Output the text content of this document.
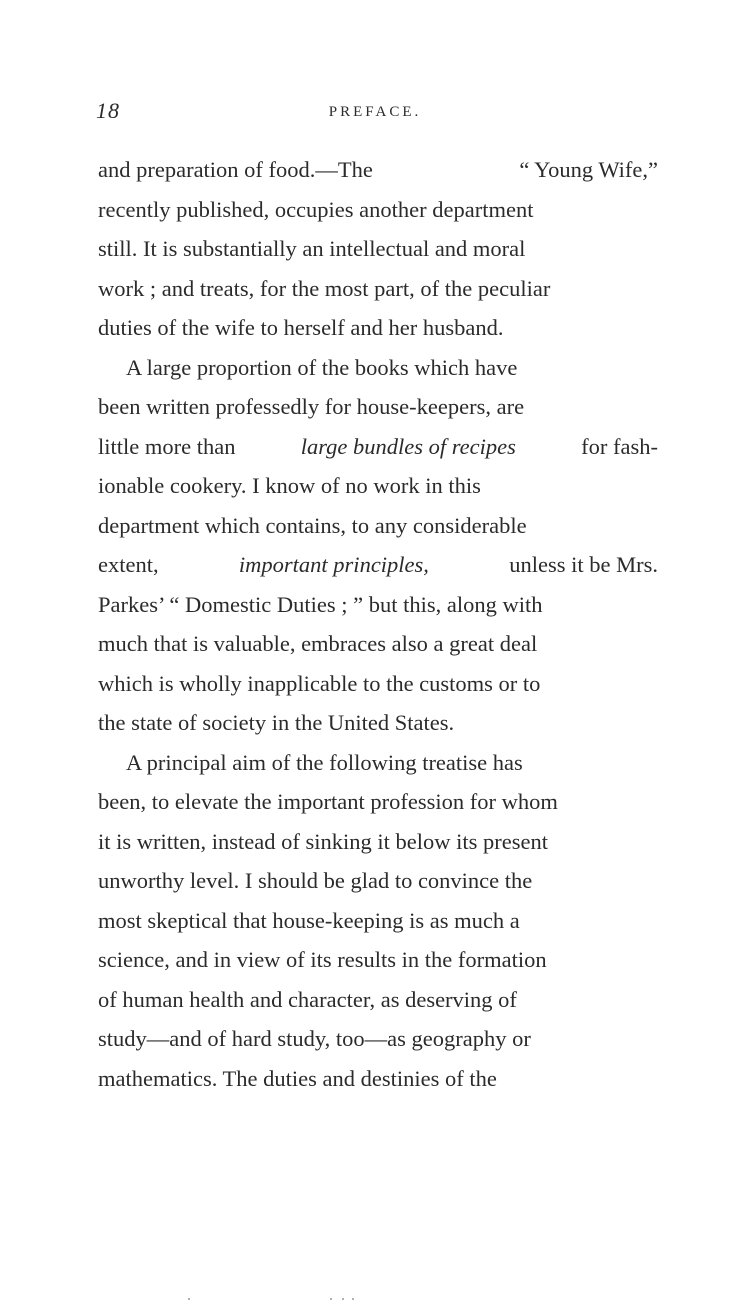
18	PREFACE.
and preparation of food.—The	“ Young Wife,”
recently published, occupies another department
still. It is substantially an intellectual and moral
work ; and treats, for the most part, of the peculiar
duties of the wife to herself and her husband.
A large proportion of the books which have
been written professedly for house-keepers, are
little more than	large bundles of recipes	for fash-
ionable cookery. I know of no work in this
department which contains, to any considerable
extent,	important principles,	unless it be Mrs.
Parkes’ “ Domestic Duties ; ” but this, along with
much that is valuable, embraces also a great deal
which is wholly inapplicable to the customs or to
the state of society in the United States.
A principal aim of the following treatise has
been, to elevate the important profession for whom
it is written, instead of sinking it below its present
unworthy level. I should be glad to convince the
most skeptical that house-keeping is as much a
science, and in view of its results in the formation
of human health and character, as deserving of
study—and of hard study, too—as geography or
mathematics. The duties and destinies of the
